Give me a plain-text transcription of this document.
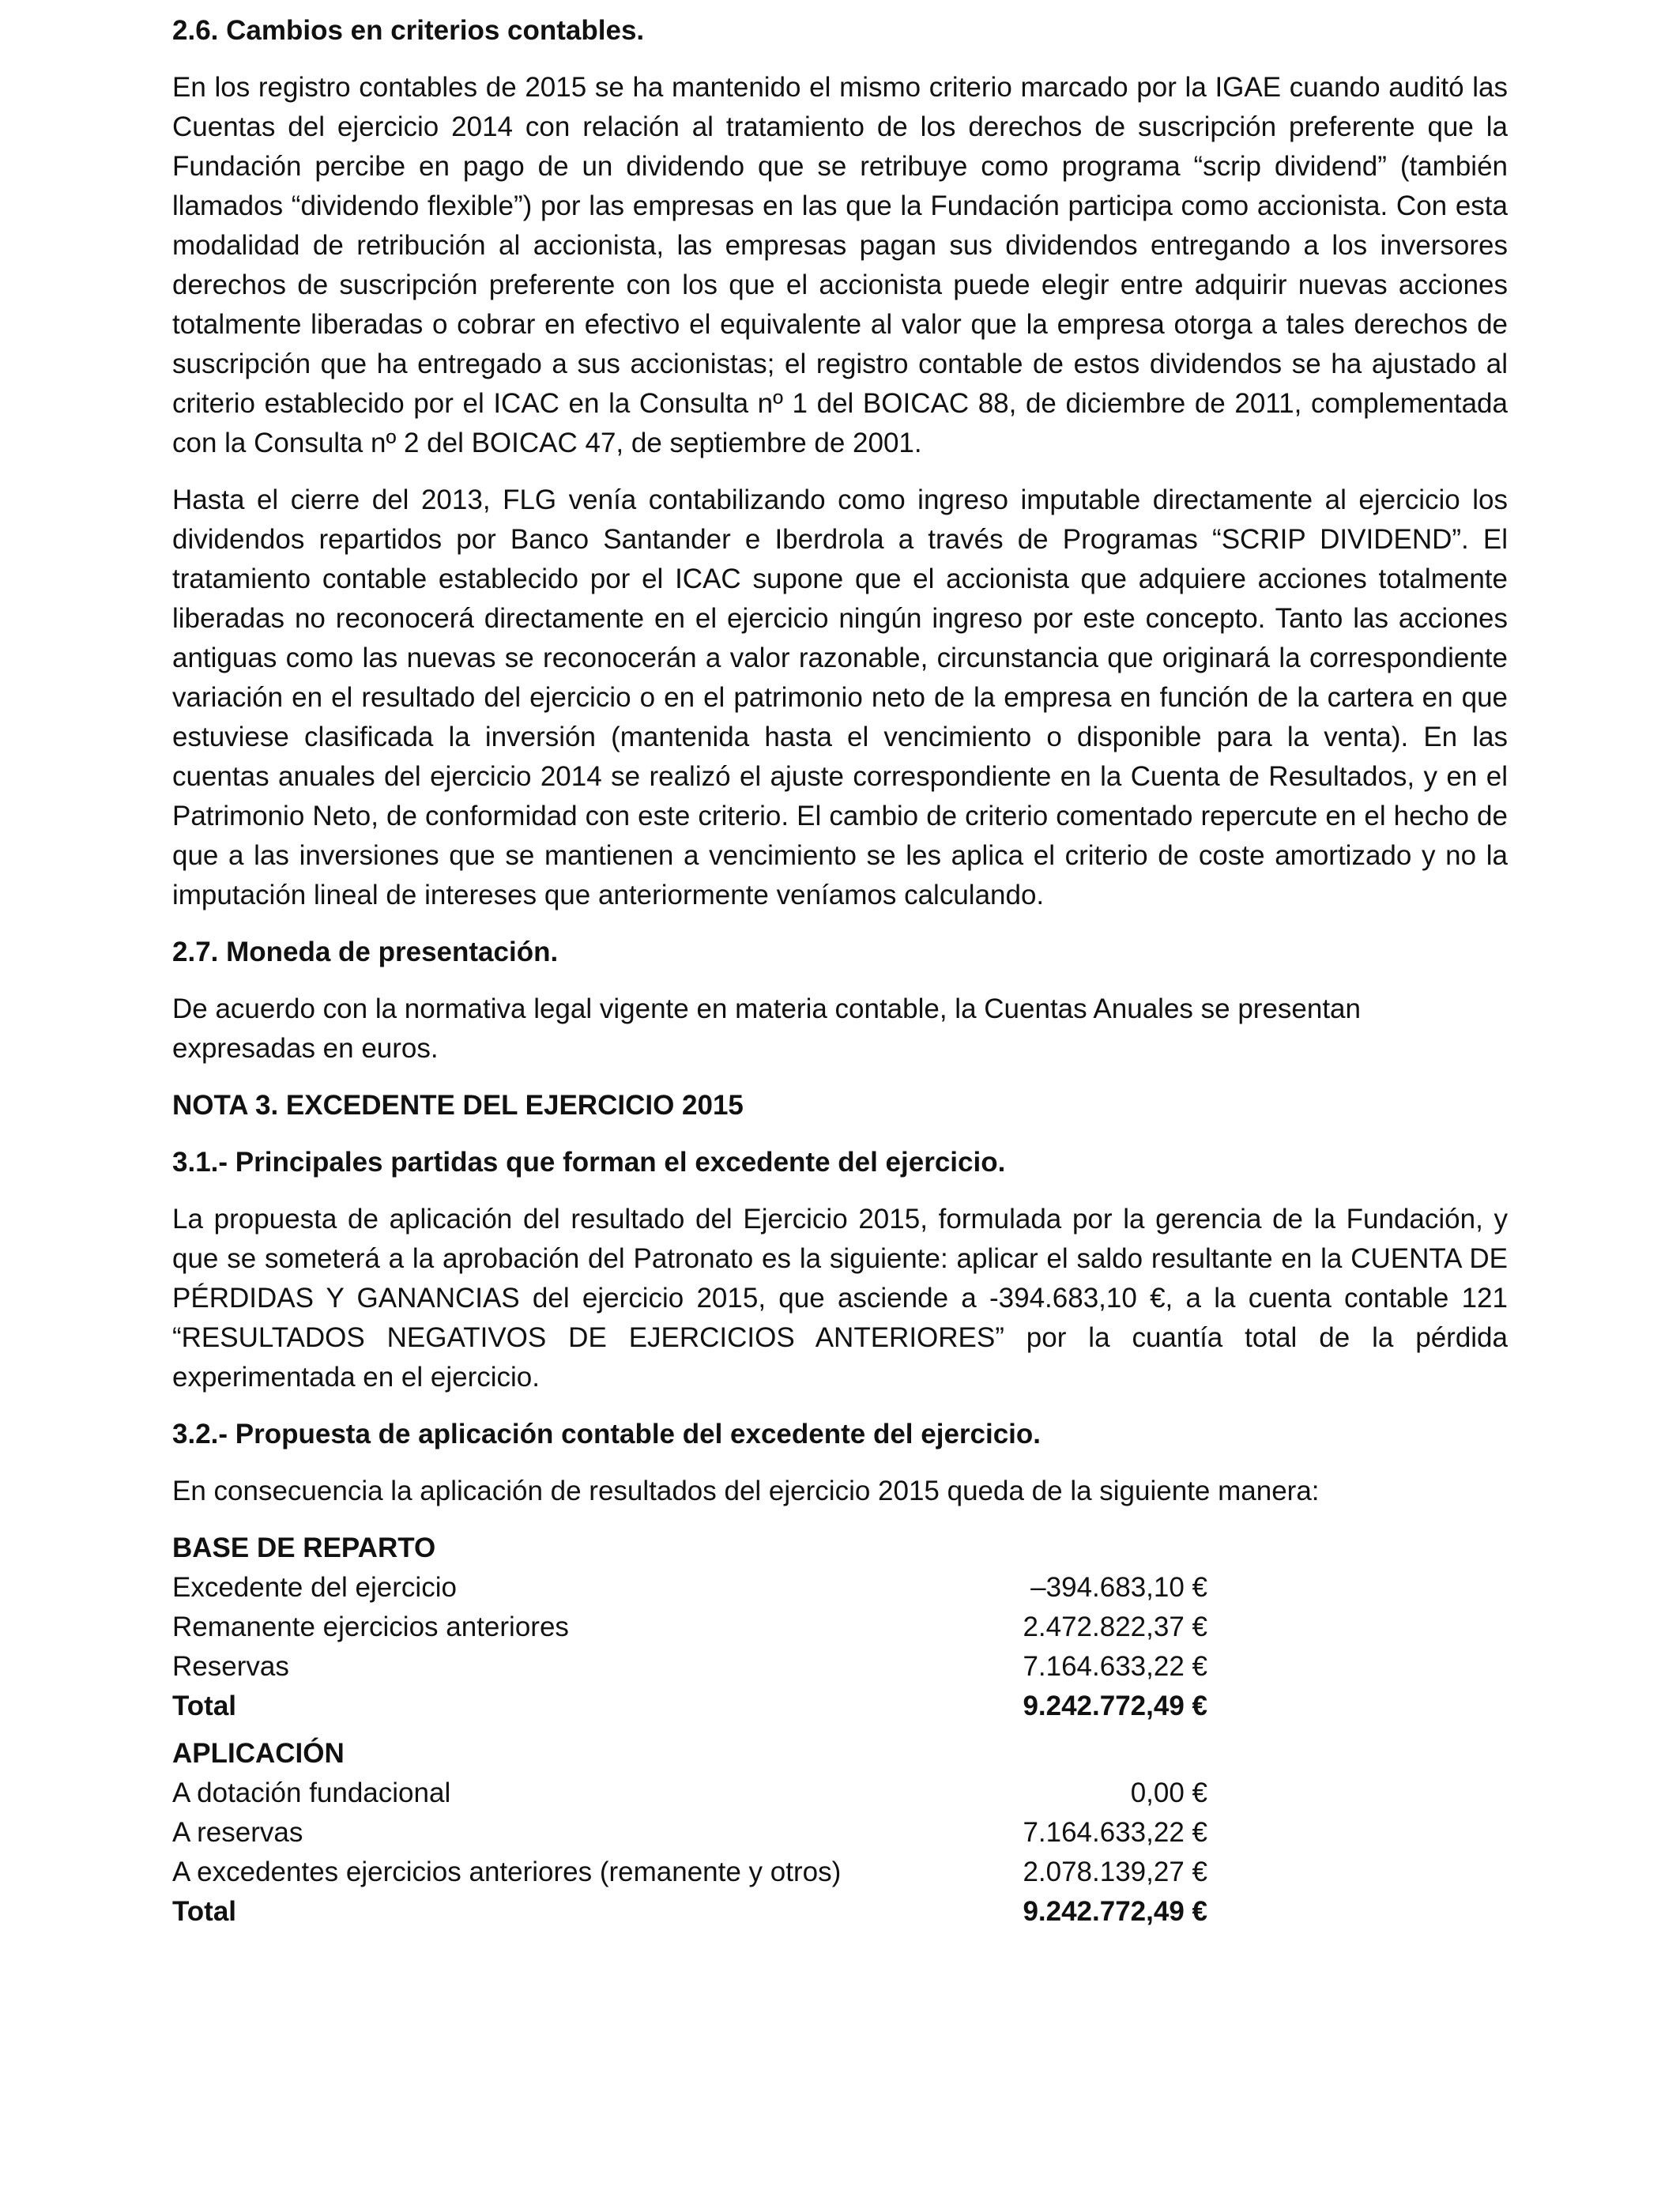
2.6. Cambios en criterios contables.

En los registro contables de 2015 se ha mantenido el mismo criterio marcado por la IGAE cuando auditó las Cuentas del ejercicio 2014 con relación al tratamiento de los derechos de suscripción preferente que la Fundación percibe en pago de un dividendo que se retribuye como programa “scrip dividend” (también llamados “dividendo flexible”) por las empresas en las que la Fundación participa como accionista. Con esta modalidad de retribución al accionista, las empresas pagan sus dividendos entregando a los inversores derechos de suscripción preferente con los que el accionista puede elegir entre adquirir nuevas acciones totalmente liberadas o cobrar en efectivo el equivalente al valor que la empresa otorga a tales derechos de suscripción que ha entregado a sus accionistas; el registro contable de estos dividendos se ha ajustado al criterio establecido por el ICAC en la Consulta nº 1 del BOICAC 88, de diciembre de 2011, complementada con la Consulta nº 2 del BOICAC 47, de septiembre de 2001.

Hasta el cierre del 2013, FLG venía contabilizando como ingreso imputable directamente al ejercicio los dividendos repartidos por Banco Santander e Iberdrola a través de Programas “SCRIP DIVIDEND”. El tratamiento contable establecido por el ICAC supone que el accionista que adquiere acciones totalmente liberadas no reconocerá directamente en el ejercicio ningún ingreso por este concepto. Tanto las acciones antiguas como las nuevas se reconocerán a valor razonable, circunstancia que originará la correspondiente variación en el resultado del ejercicio o en el patrimonio neto de la empresa en función de la cartera en que estuviese clasificada la inversión (mantenida hasta el vencimiento o disponible para la venta). En las cuentas anuales del ejercicio 2014 se realizó el ajuste correspondiente en la Cuenta de Resultados, y en el Patrimonio Neto, de conformidad con este criterio. El cambio de criterio comentado repercute en el hecho de que a las inversiones que se mantienen a vencimiento se les aplica el criterio de coste amortizado y no la imputación lineal de intereses que anteriormente veníamos calculando.

2.7. Moneda de presentación.

De acuerdo con la normativa legal vigente en materia contable, la Cuentas Anuales se presentan expresadas en euros.

NOTA 3. EXCEDENTE DEL EJERCICIO 2015
3.1.- Principales partidas que forman el excedente del ejercicio.

La propuesta de aplicación del resultado del Ejercicio 2015, formulada por la gerencia de la Fundación, y que se someterá a la aprobación del Patronato es la siguiente: aplicar el saldo resultante en la CUENTA DE PÉRDIDAS Y GANANCIAS del ejercicio 2015, que asciende a -394.683,10 €, a la cuenta contable 121 “RESULTADOS NEGATIVOS DE EJERCICIOS ANTERIORES” por la cuantía total de la pérdida experimentada en el ejercicio.

3.2.- Propuesta de aplicación contable del excedente del ejercicio.

En consecuencia la aplicación de resultados del ejercicio 2015 queda de la siguiente manera:

BASE DE REPARTO
Excedente del ejercicio	–394.683,10 €
Remanente ejercicios anteriores	2.472.822,37 €
Reservas	7.164.633,22 €
Total	9.242.772,49 €
APLICACIÓN
A dotación fundacional	0,00 €
A reservas	7.164.633,22 €
A excedentes ejercicios anteriores (remanente y otros)	2.078.139,27 €
Total	9.242.772,49 €
